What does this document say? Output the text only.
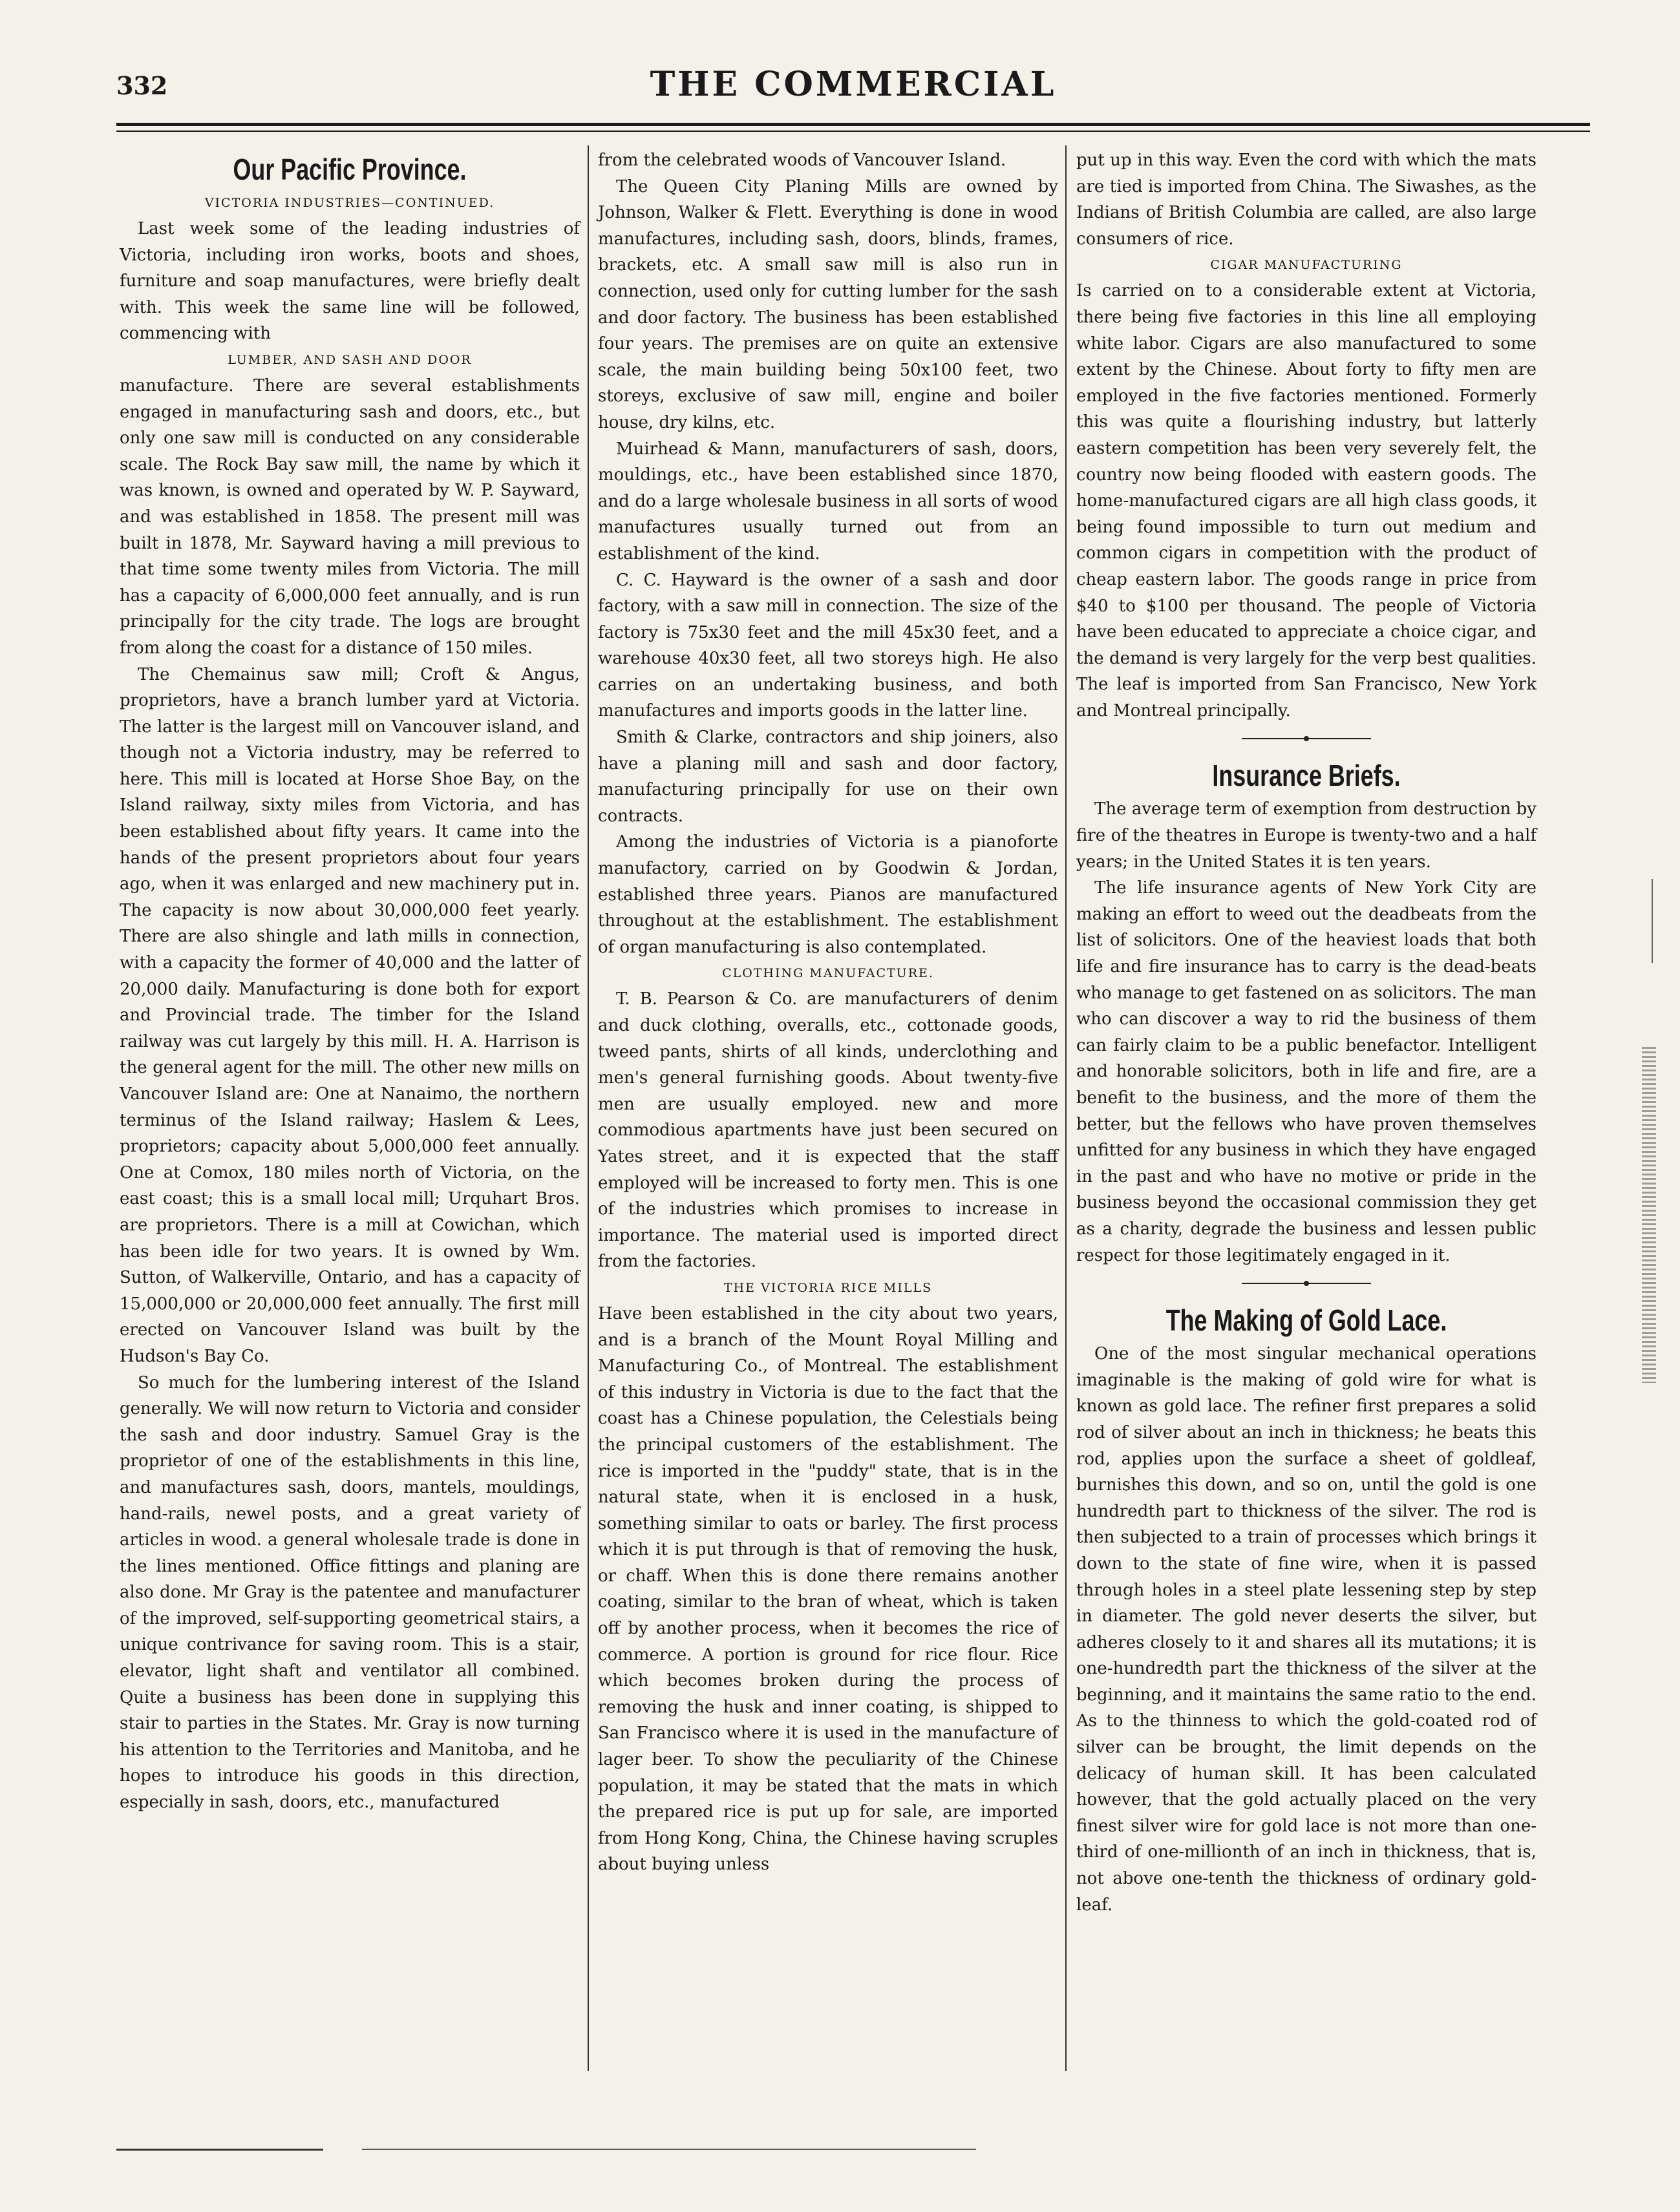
332	THE COMMERCIAL
Our Pacific Province.
VICTORIA INDUSTRIES—CONTINUED.

Last week some of the leading industries of Victoria, including iron works, boots and shoes, furniture and soap manufactures, were briefly dealt with. This week the same line will be followed, commencing with

LUMBER, AND SASH AND DOOR

manufacture. There are several establishments engaged in manufacturing sash and doors, etc., but only one saw mill is conducted on any considerable scale. The Rock Bay saw mill, the name by which it was known, is owned and operated by W. P. Sayward, and was established in 1858. The present mill was built in 1878, Mr. Sayward having a mill previous to that time some twenty miles from Victoria. The mill has a capacity of 6,000,000 feet annually, and is run principally for the city trade. The logs are brought from along the coast for a distance of 150 miles.

The Chemainus saw mill; Croft & Angus, proprietors, have a branch lumber yard at Victoria. The latter is the largest mill on Vancouver island, and though not a Victoria industry, may be referred to here. This mill is located at Horse Shoe Bay, on the Island railway, sixty miles from Victoria, and has been established about fifty years. It came into the hands of the present proprietors about four years ago, when it was enlarged and new machinery put in. The capacity is now about 30,000,000 feet yearly. There are also shingle and lath mills in connection, with a capacity the former of 40,000 and the latter of 20,000 daily. Manufacturing is done both for export and Provincial trade. The timber for the Island railway was cut largely by this mill. H. A. Harrison is the general agent for the mill. The other new mills on Vancouver Island are: One at Nanaimo, the northern terminus of the Island railway; Haslem & Lees, proprietors; capacity about 5,000,000 feet annually. One at Comox, 180 miles north of Victoria, on the east coast; this is a small local mill; Urquhart Bros. are proprietors. There is a mill at Cowichan, which has been idle for two years. It is owned by Wm. Sutton, of Walkerville, Ontario, and has a capacity of 15,000,000 or 20,000,000 feet annually. The first mill erected on Vancouver Island was built by the Hudson's Bay Co.

So much for the lumbering interest of the Island generally. We will now return to Victoria and consider the sash and door industry. Samuel Gray is the proprietor of one of the establishments in this line, and manufactures sash, doors, mantels, mouldings, hand-rails, newel posts, and a great variety of articles in wood. a general wholesale trade is done in the lines mentioned. Office fittings and planing are also done. Mr Gray is the patentee and manufacturer of the improved, self-supporting geometrical stairs, a unique contrivance for saving room. This is a stair, elevator, light shaft and ventilator all combined. Quite a business has been done in supplying this stair to parties in the States. Mr. Gray is now turning his attention to the Territories and Manitoba, and he hopes to introduce his goods in this direction, especially in sash, doors, etc., manufactured

from the celebrated woods of Vancouver Island.

The Queen City Planing Mills are owned by Johnson, Walker & Flett. Everything is done in wood manufactures, including sash, doors, blinds, frames, brackets, etc. A small saw mill is also run in connection, used only for cutting lumber for the sash and door factory. The business has been established four years. The premises are on quite an extensive scale, the main building being 50x100 feet, two storeys, exclusive of saw mill, engine and boiler house, dry kilns, etc.

Muirhead & Mann, manufacturers of sash, doors, mouldings, etc., have been established since 1870, and do a large wholesale business in all sorts of wood manufactures usually turned out from an establishment of the kind.

C. C. Hayward is the owner of a sash and door factory, with a saw mill in connection. The size of the factory is 75x30 feet and the mill 45x30 feet, and a warehouse 40x30 feet, all two storeys high. He also carries on an undertaking business, and both manufactures and imports goods in the latter line.

Smith & Clarke, contractors and ship joiners, also have a planing mill and sash and door factory, manufacturing principally for use on their own contracts.

Among the industries of Victoria is a pianoforte manufactory, carried on by Goodwin & Jordan, established three years. Pianos are manufactured throughout at the establishment. The establishment of organ manufacturing is also contemplated.

CLOTHING MANUFACTURE.

T. B. Pearson & Co. are manufacturers of denim and duck clothing, overalls, etc., cottonade goods, tweed pants, shirts of all kinds, underclothing and men's general furnishing goods. About twenty-five men are usually employed. new and more commodious apartments have just been secured on Yates street, and it is expected that the staff employed will be increased to forty men. This is one of the industries which promises to increase in importance. The material used is imported direct from the factories.

THE VICTORIA RICE MILLS

Have been established in the city about two years, and is a branch of the Mount Royal Milling and Manufacturing Co., of Montreal. The establishment of this industry in Victoria is due to the fact that the coast has a Chinese population, the Celestials being the principal customers of the establishment. The rice is imported in the "puddy" state, that is in the natural state, when it is enclosed in a husk, something similar to oats or barley. The first process which it is put through is that of removing the husk, or chaff. When this is done there remains another coating, similar to the bran of wheat, which is taken off by another process, when it becomes the rice of commerce. A portion is ground for rice flour. Rice which becomes broken during the process of removing the husk and inner coating, is shipped to San Francisco where it is used in the manufacture of lager beer. To show the peculiarity of the Chinese population, it may be stated that the mats in which the prepared rice is put up for sale, are imported from Hong Kong, China, the Chinese having scruples about buying unless

put up in this way. Even the cord with which the mats are tied is imported from China. The Siwashes, as the Indians of British Columbia are called, are also large consumers of rice.

CIGAR MANUFACTURING

Is carried on to a considerable extent at Victoria, there being five factories in this line all employing white labor. Cigars are also manufactured to some extent by the Chinese. About forty to fifty men are employed in the five factories mentioned. Formerly this was quite a flourishing industry, but latterly eastern competition has been very severely felt, the country now being flooded with eastern goods. The home-manufactured cigars are all high class goods, it being found impossible to turn out medium and common cigars in competition with the product of cheap eastern labor. The goods range in price from $40 to $100 per thousand. The people of Victoria have been educated to appreciate a choice cigar, and the demand is very largely for the verp best qualities. The leaf is imported from San Francisco, New York and Montreal principally.

Insurance Briefs.

The average term of exemption from destruction by fire of the theatres in Europe is twenty-two and a half years; in the United States it is ten years.

The life insurance agents of New York City are making an effort to weed out the deadbeats from the list of solicitors. One of the heaviest loads that both life and fire insurance has to carry is the dead-beats who manage to get fastened on as solicitors. The man who can discover a way to rid the business of them can fairly claim to be a public benefactor. Intelligent and honorable solicitors, both in life and fire, are a benefit to the business, and the more of them the better, but the fellows who have proven themselves unfitted for any business in which they have engaged in the past and who have no motive or pride in the business beyond the occasional commission they get as a charity, degrade the business and lessen public respect for those legitimately engaged in it.

The Making of Gold Lace.

One of the most singular mechanical operations imaginable is the making of gold wire for what is known as gold lace. The refiner first prepares a solid rod of silver about an inch in thickness; he beats this rod, applies upon the surface a sheet of goldleaf, burnishes this down, and so on, until the gold is one hundredth part to thickness of the silver. The rod is then subjected to a train of processes which brings it down to the state of fine wire, when it is passed through holes in a steel plate lessening step by step in diameter. The gold never deserts the silver, but adheres closely to it and shares all its mutations; it is one-hundredth part the thickness of the silver at the beginning, and it maintains the same ratio to the end. As to the thinness to which the gold-coated rod of silver can be brought, the limit depends on the delicacy of human skill. It has been calculated however, that the gold actually placed on the very finest silver wire for gold lace is not more than one-third of one-millionth of an inch in thickness, that is, not above one-tenth the thickness of ordinary gold-leaf.
